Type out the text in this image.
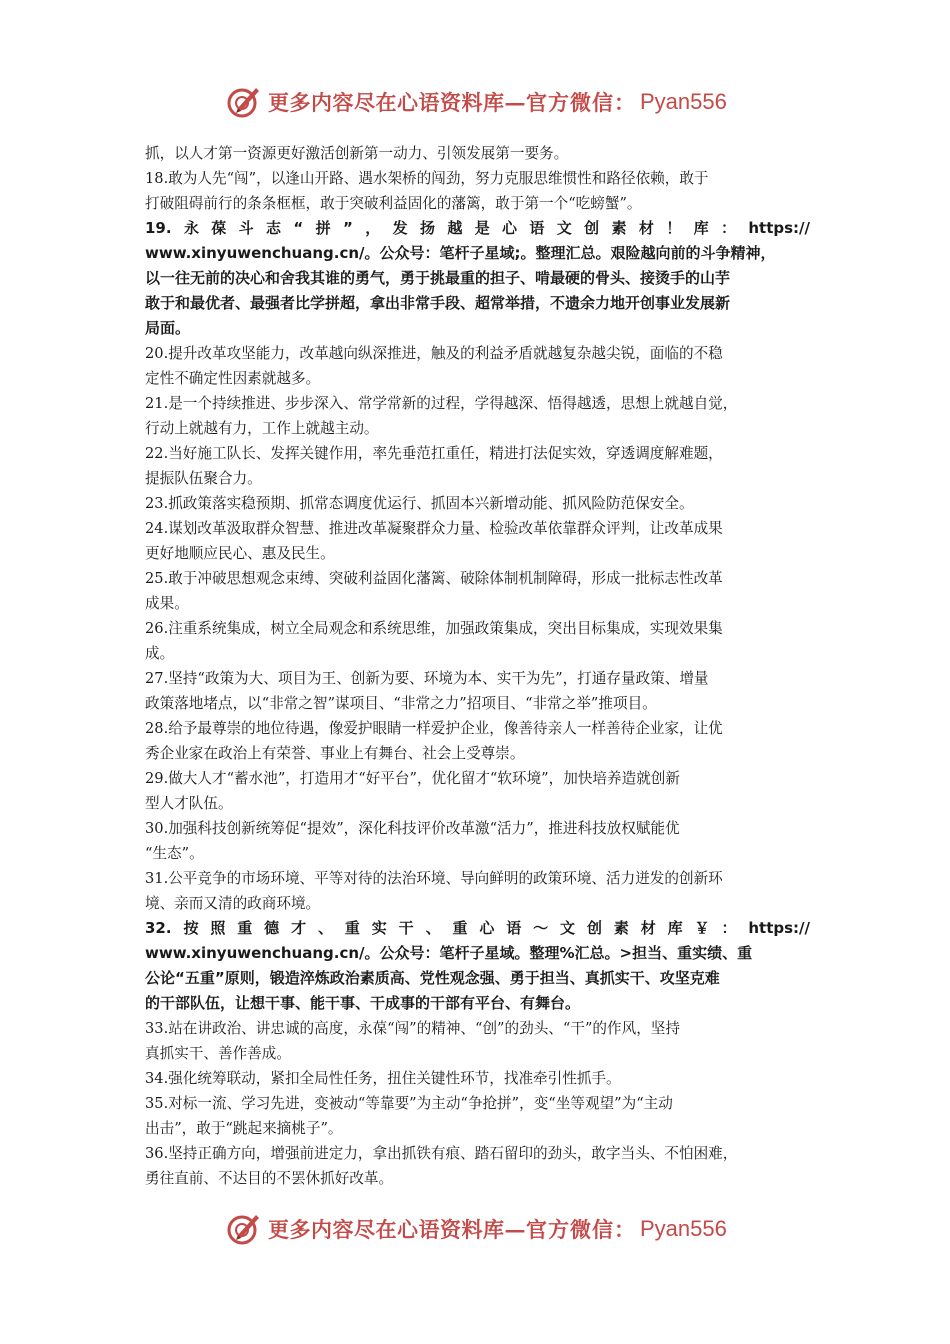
更多内容尽在心语资料库— 官方微信： Pyan556
抓，以人才第一资源更好激活创新第一动力、引领发展第一要务。
18.敢为人先“闯”，以逢山开路、遇水架桥的闯劲，努力克服思维惯性和路径依赖，敢于
打破阻碍前行的条条框框，敢于突破利益固化的藩篱，敢于第一个“吃螃蟹”。
19.永葆斗志“拼”，发扬越是心语文创素材！库：https://
www.xinyuwenchuang.cn/。公众号：笔杆子星域;。整理汇总。艰险越向前的斗争精神，
以一往无前的决心和舍我其谁的勇气，勇于挑最重的担子、啃最硬的骨头、接烫手的山芋
敢于和最优者、最强者比学拼超，拿出非常手段、超常举措，不遗余力地开创事业发展新
局面。
20.提升改革攻坚能力，改革越向纵深推进，触及的利益矛盾就越复杂越尖锐，面临的不稳
定性不确定性因素就越多。
21.是一个持续推进、步步深入、常学常新的过程，学得越深、悟得越透，思想上就越自觉，
行动上就越有力，工作上就越主动。
22.当好施工队长、发挥关键作用，率先垂范扛重任，精进打法促实效，穿透调度解难题，
提振队伍聚合力。
23.抓政策落实稳预期、抓常态调度优运行、抓固本兴新增动能、抓风险防范保安全。
24.谋划改革汲取群众智慧、推进改革凝聚群众力量、检验改革依靠群众评判，让改革成果
更好地顺应民心、惠及民生。
25.敢于冲破思想观念束缚、突破利益固化藩篱、破除体制机制障碍，形成一批标志性改革
成果。
26.注重系统集成，树立全局观念和系统思维，加强政策集成，突出目标集成，实现效果集
成。
27.坚持“政策为大、项目为王、创新为要、环境为本、实干为先”，打通存量政策、增量
政策落地堵点，以“非常之智”谋项目、“非常之力”招项目、“非常之举”推项目。
28.给予最尊崇的地位待遇，像爱护眼睛一样爱护企业，像善待亲人一样善待企业家，让优
秀企业家在政治上有荣誉、事业上有舞台、社会上受尊崇。
29.做大人才“蓄水池”，打造用才“好平台”，优化留才“软环境”，加快培养造就创新
型人才队伍。
30.加强科技创新统筹促“提效”，深化科技评价改革激“活力”，推进科技放权赋能优
“生态”。
31.公平竞争的市场环境、平等对待的法治环境、导向鲜明的政策环境、活力迸发的创新环
境、亲而又清的政商环境。
32.按照重德才、重实干、重心语～文创素材库￥：https://
www.xinyuwenchuang.cn/。公众号：笔杆子星域。整理%汇总。>担当、重实绩、重
公论“五重”原则，锻造淬炼政治素质高、党性观念强、勇于担当、真抓实干、攻坚克难
的干部队伍，让想干事、能干事、干成事的干部有平台、有舞台。
33.站在讲政治、讲忠诚的高度，永葆“闯”的精神、“创”的劲头、“干”的作风，坚持
真抓实干、善作善成。
34.强化统筹联动，紧扣全局性任务，扭住关键性环节，找准牵引性抓手。
35.对标一流、学习先进，变被动“等靠要”为主动“争抢拼”，变“坐等观望”为“主动
出击”，敢于“跳起来摘桃子”。
36.坚持正确方向，增强前进定力，拿出抓铁有痕、踏石留印的劲头，敢字当头、不怕困难，
勇往直前、不达目的不罢休抓好改革。
更多内容尽在心语资料库— 官方微信： Pyan556
